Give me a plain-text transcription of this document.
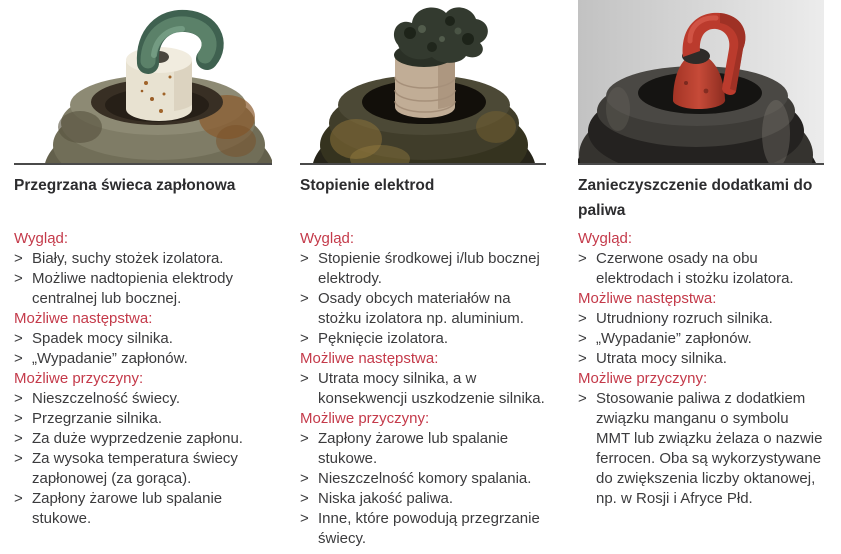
Przegrzana świeca zapłonowa
Wygląd:
> Biały, suchy stożek izolatora.
> Możliwe nadtopienia elektrody centralnej lub bocznej.
Możliwe następstwa:
> Spadek mocy silnika.
> „Wypadanie” zapłonów.
Możliwe przyczyny:
> Nieszczelność świecy.
> Przegrzanie silnika.
> Za duże wyprzedzenie zapłonu.
> Za wysoka temperatura świecy zapłonowej (za gorąca).
> Zapłony żarowe lub spalanie stukowe.
Stopienie elektrod
Wygląd:
> Stopienie środkowej i/lub bocznej elektrody.
> Osady obcych materiałów na stożku izolatora np. aluminium.
> Pęknięcie izolatora.
Możliwe następstwa:
> Utrata mocy silnika, a w konsekwencji uszkodzenie silnika.
Możliwe przyczyny:
> Zapłony żarowe lub spalanie stukowe.
> Nieszczelność komory spalania.
> Niska jakość paliwa.
> Inne, które powodują przegrzanie świecy.
Zanieczyszczenie dodatkami do paliwa
Wygląd:
> Czerwone osady na obu elektrodach i stożku izolatora.
Możliwe następstwa:
> Utrudniony rozruch silnika.
> „Wypadanie” zapłonów.
> Utrata mocy silnika.
Możliwe przyczyny:
> Stosowanie paliwa z dodatkiem związku manganu o symbolu MMT lub związku żelaza o nazwie ferrocen. Oba są wykorzystywane do zwiększenia liczby oktanowej, np. w Rosji i Afryce Płd.
